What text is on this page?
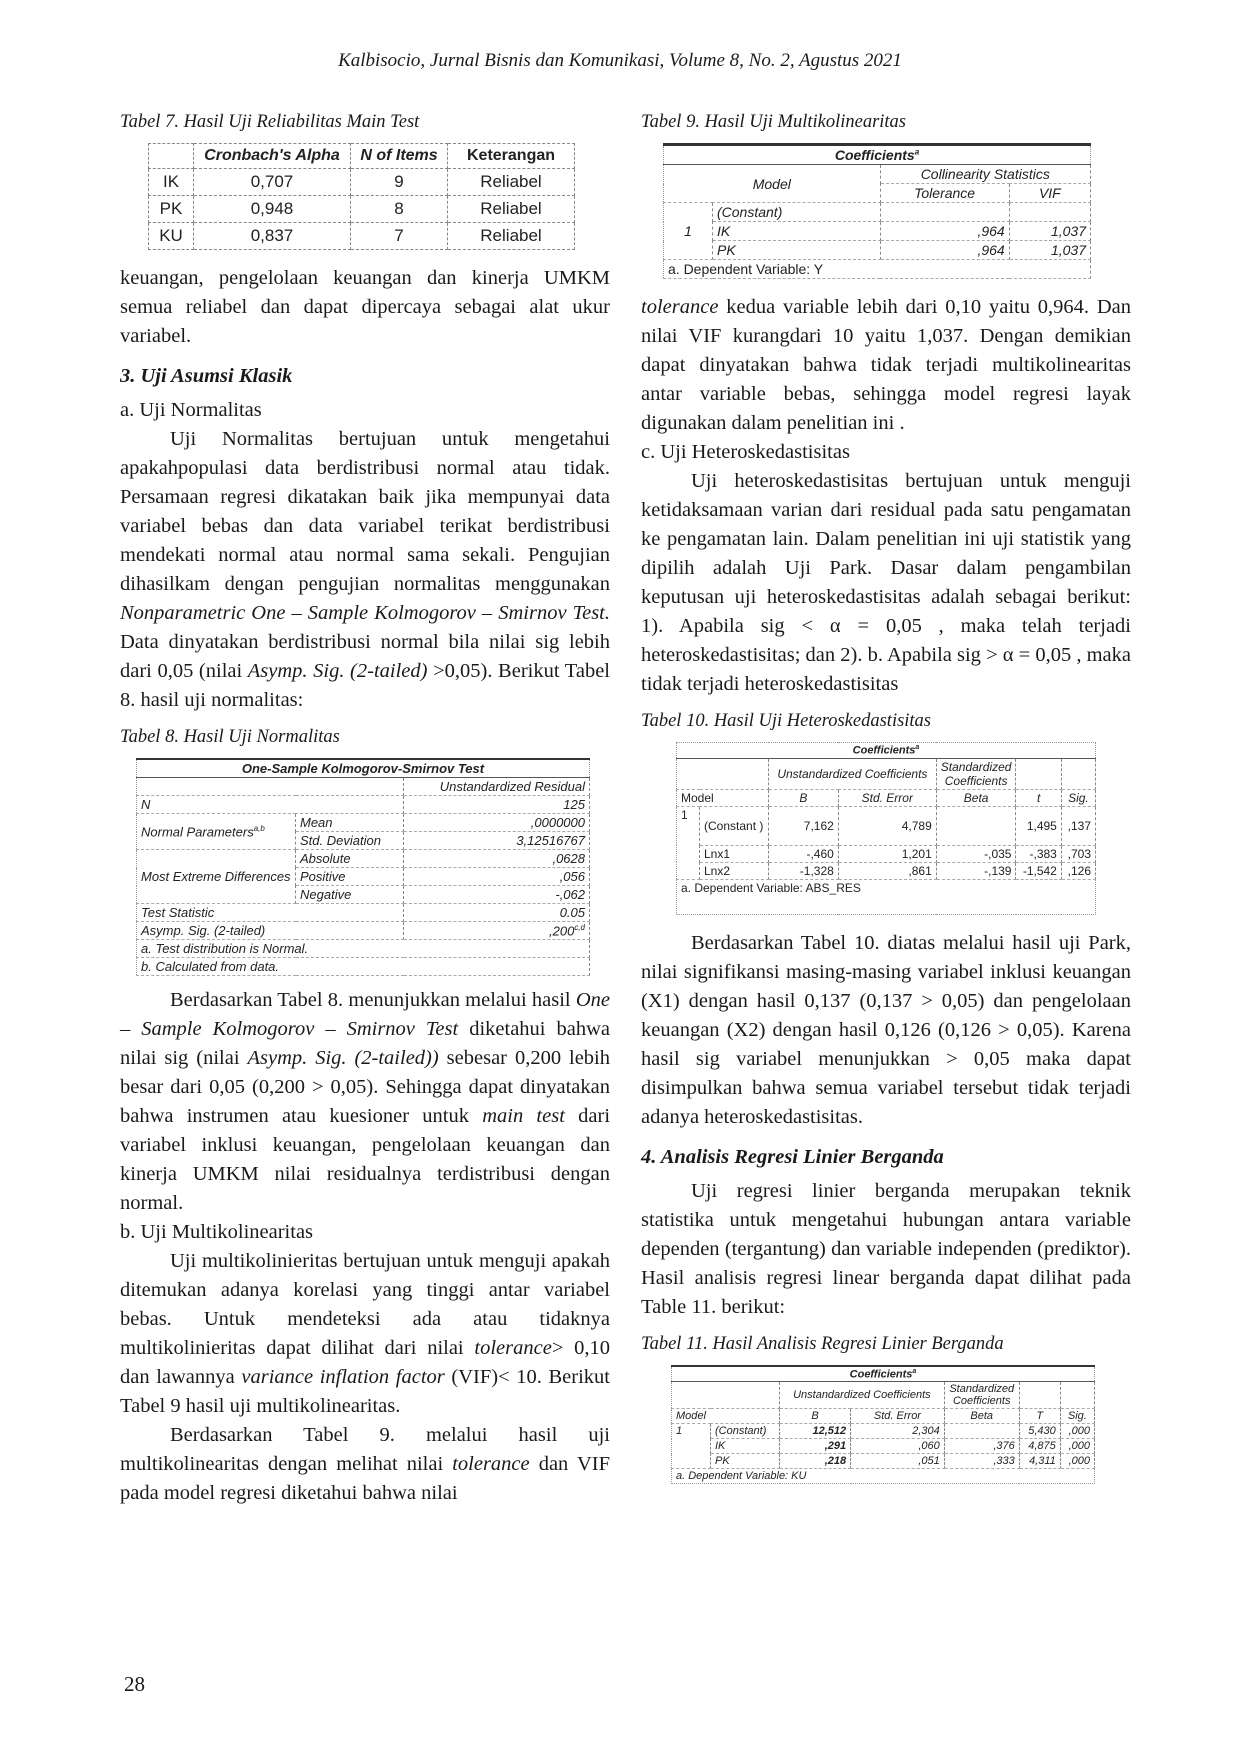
Kalbisocio, Jurnal Bisnis dan Komunikasi, Volume 8, No. 2, Agustus 2021
Tabel 7. Hasil Uji Reliabilitas Main Test
	Cronbach's Alpha	N of Items	Keterangan
IK	0,707	9	Reliabel
PK	0,948	8	Reliabel
KU	0,837	7	Reliabel

keuangan, pengelolaan keuangan dan kinerja UMKM semua reliabel dan dapat dipercaya sebagai alat ukur variabel.

3. Uji Asumsi Klasik
a. Uji Normalitas

Uji Normalitas bertujuan untuk mengetahui apakahpopulasi data berdistribusi normal atau tidak. Persamaan regresi dikatakan baik jika mempunyai data variabel bebas dan data variabel terikat berdistribusi mendekati normal atau normal sama sekali. Pengujian dihasilkam dengan pengujian normalitas menggunakan Nonparametric One – Sample Kolmogorov – Smirnov Test. Data dinyatakan berdistribusi normal bila nilai sig lebih dari 0,05 (nilai Asymp. Sig. (2-tailed) >0,05). Berikut Tabel 8. hasil uji normalitas:

Tabel 8. Hasil Uji Normalitas
One-Sample Kolmogorov-Smirnov Test		
		Unstandardized Residual
N		125
Normal Parameters$^{a,b}$	Mean	,0000000
	Std. Deviation	3,12516767
Most Extreme Differences	Absolute	,0628
	Positive	,056
	Negative	-,062
Test Statistic		0.05
Asymp. Sig. (2-tailed)		,200$^{c,d}$
a. Test distribution is Normal.		
b. Calculated from data.		

Berdasarkan Tabel 8. menunjukkan melalui hasil One – Sample Kolmogorov – Smirnov Test diketahui bahwa nilai sig (nilai Asymp. Sig. (2-tailed)) sebesar 0,200 lebih besar dari 0,05 (0,200 > 0,05). Sehingga dapat dinyatakan bahwa instrumen atau kuesioner untuk main test dari variabel inklusi keuangan, pengelolaan keuangan dan kinerja UMKM nilai residualnya terdistribusi dengan normal.

b. Uji Multikolinearitas

Uji multikolinieritas bertujuan untuk menguji apakah ditemukan adanya korelasi yang tinggi antar variabel bebas. Untuk mendeteksi ada atau tidaknya multikolinieritas dapat dilihat dari nilai tolerance> 0,10 dan lawannya variance inflation factor (VIF)< 10. Berikut Tabel 9 hasil uji multikolinearitas.

Berdasarkan Tabel 9. melalui hasil uji multikolinearitas dengan melihat nilai tolerance dan VIF pada model regresi diketahui bahwa nilai

Tabel 9. Hasil Uji Multikolinearitas
Coefficients$^a$
Model		Collinearity Statistics	
		Tolerance	VIF
1	(Constant)		
	IK	,964	1,037
	PK	,964	1,037
a. Dependent Variable: Y			

tolerance kedua variable lebih dari 0,10 yaitu 0,964. Dan nilai VIF kurangdari 10 yaitu 1,037. Dengan demikian dapat dinyatakan bahwa tidak terjadi multikolinearitas antar variable bebas, sehingga model regresi layak digunakan dalam penelitian ini .

c. Uji Heteroskedastisitas

Uji heteroskedastisitas bertujuan untuk menguji ketidaksamaan varian dari residual pada satu pengamatan ke pengamatan lain. Dalam penelitian ini uji statistik yang dipilih adalah Uji Park. Dasar dalam pengambilan keputusan uji heteroskedastisitas adalah sebagai berikut: 1). Apabila sig < α = 0,05 , maka telah terjadi heteroskedastisitas; dan 2). b. Apabila sig > α = 0,05 , maka tidak terjadi heteroskedastisitas

Tabel 10. Hasil Uji Heteroskedastisitas
Coefficients$^a$
		Unstandardized Coefficients		Standardized Coefficients		
Model		B	Std. Error	Beta	t	Sig.
1	(Constant )	7,162	4,789		1,495	,137
	Lnx1	-,460	1,201	-,035	-,383	,703
	Lnx2	-1,328	,861	-,139	-1,542	,126
a. Dependent Variable: ABS_RES						

Berdasarkan Tabel 10. diatas melalui hasil uji Park, nilai signifikansi masing-masing variabel inklusi keuangan (X1) dengan hasil 0,137 (0,137 > 0,05) dan pengelolaan keuangan (X2) dengan hasil 0,126 (0,126 > 0,05). Karena hasil sig variabel menunjukkan > 0,05 maka dapat disimpulkan bahwa semua variabel tersebut tidak terjadi adanya heteroskedastisitas.

4. Analisis Regresi Linier Berganda

Uji regresi linier berganda merupakan teknik statistika untuk mengetahui hubungan antara variable dependen (tergantung) dan variable independen (prediktor). Hasil analisis regresi linear berganda dapat dilihat pada Table 11. berikut:

Tabel 11. Hasil Analisis Regresi Linier Berganda
Coefficients$^a$
		Unstandardized Coefficients		Standardized Coefficients		
Model		B	Std. Error	Beta	T	Sig.
1	(Constant)	12,512	2,304		5,430	,000
	IK	,291	,060	,376	4,875	,000
	PK	,218	,051	,333	4,311	,000
a. Dependent Variable: KU						
28
